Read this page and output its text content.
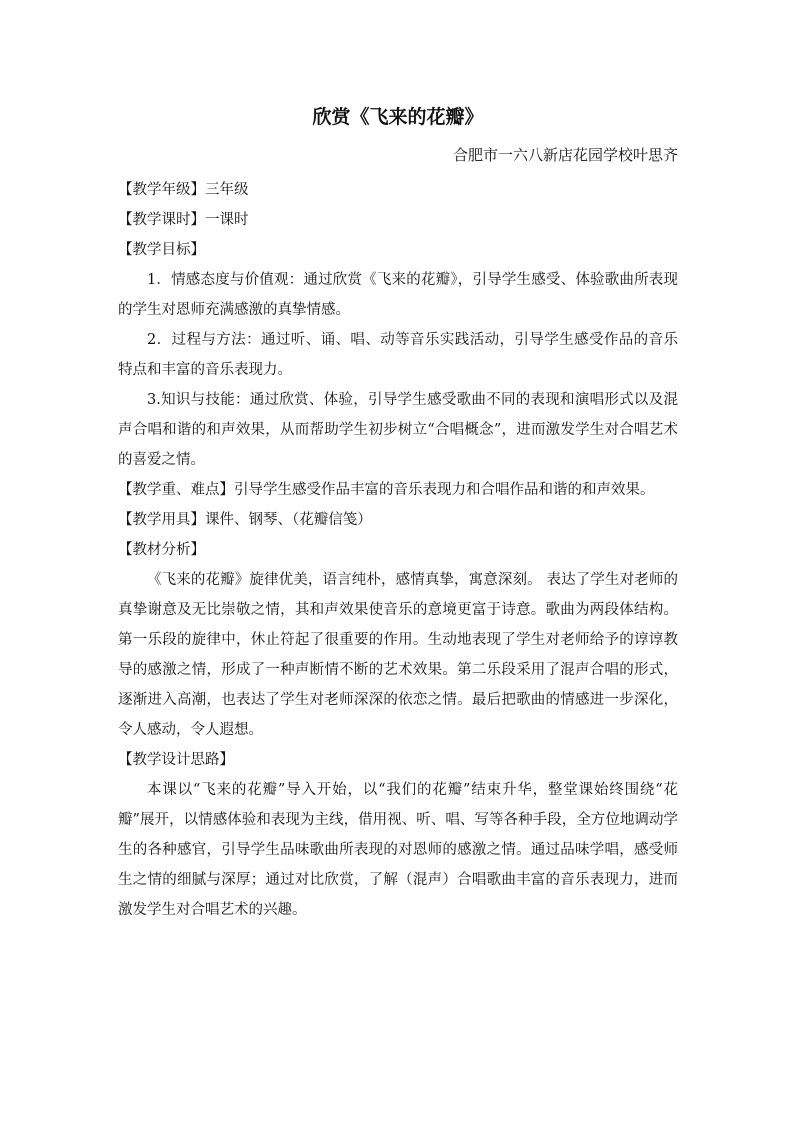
欣赏《飞来的花瓣》
合肥市一六八新店花园学校叶思齐

【教学年级】三年级

【教学课时】一课时

【教学目标】

1．情感态度与价值观：通过欣赏《飞来的花瓣》，引导学生感受、体验歌曲所表现的学生对恩师充满感激的真挚情感。

2．过程与方法：通过听、诵、唱、动等音乐实践活动，引导学生感受作品的音乐特点和丰富的音乐表现力。

3.知识与技能：通过欣赏、体验，引导学生感受歌曲不同的表现和演唱形式以及混声合唱和谐的和声效果，从而帮助学生初步树立“合唱概念”，进而激发学生对合唱艺术的喜爱之情。

【教学重、难点】引导学生感受作品丰富的音乐表现力和合唱作品和谐的和声效果。

【教学用具】课件、钢琴、（花瓣信笺）

【教材分析】

《飞来的花瓣》旋律优美，语言纯朴，感情真挚，寓意深刻。 表达了学生对老师的真挚谢意及无比崇敬之情，其和声效果使音乐的意境更富于诗意。歌曲为两段体结构。第一乐段的旋律中，休止符起了很重要的作用。生动地表现了学生对老师给予的谆谆教导的感激之情，形成了一种声断情不断的艺术效果。第二乐段采用了混声合唱的形式，逐渐进入高潮，也表达了学生对老师深深的依恋之情。最后把歌曲的情感进一步深化，令人感动，令人遐想。

【教学设计思路】

本课以“飞来的花瓣”导入开始，以“我们的花瓣”结束升华，整堂课始终围绕“花瓣”展开，以情感体验和表现为主线，借用视、听、唱、写等各种手段，全方位地调动学生的各种感官，引导学生品味歌曲所表现的对恩师的感激之情。通过品味学唱，感受师生之情的细腻与深厚；通过对比欣赏，了解（混声）合唱歌曲丰富的音乐表现力，进而激发学生对合唱艺术的兴趣。
